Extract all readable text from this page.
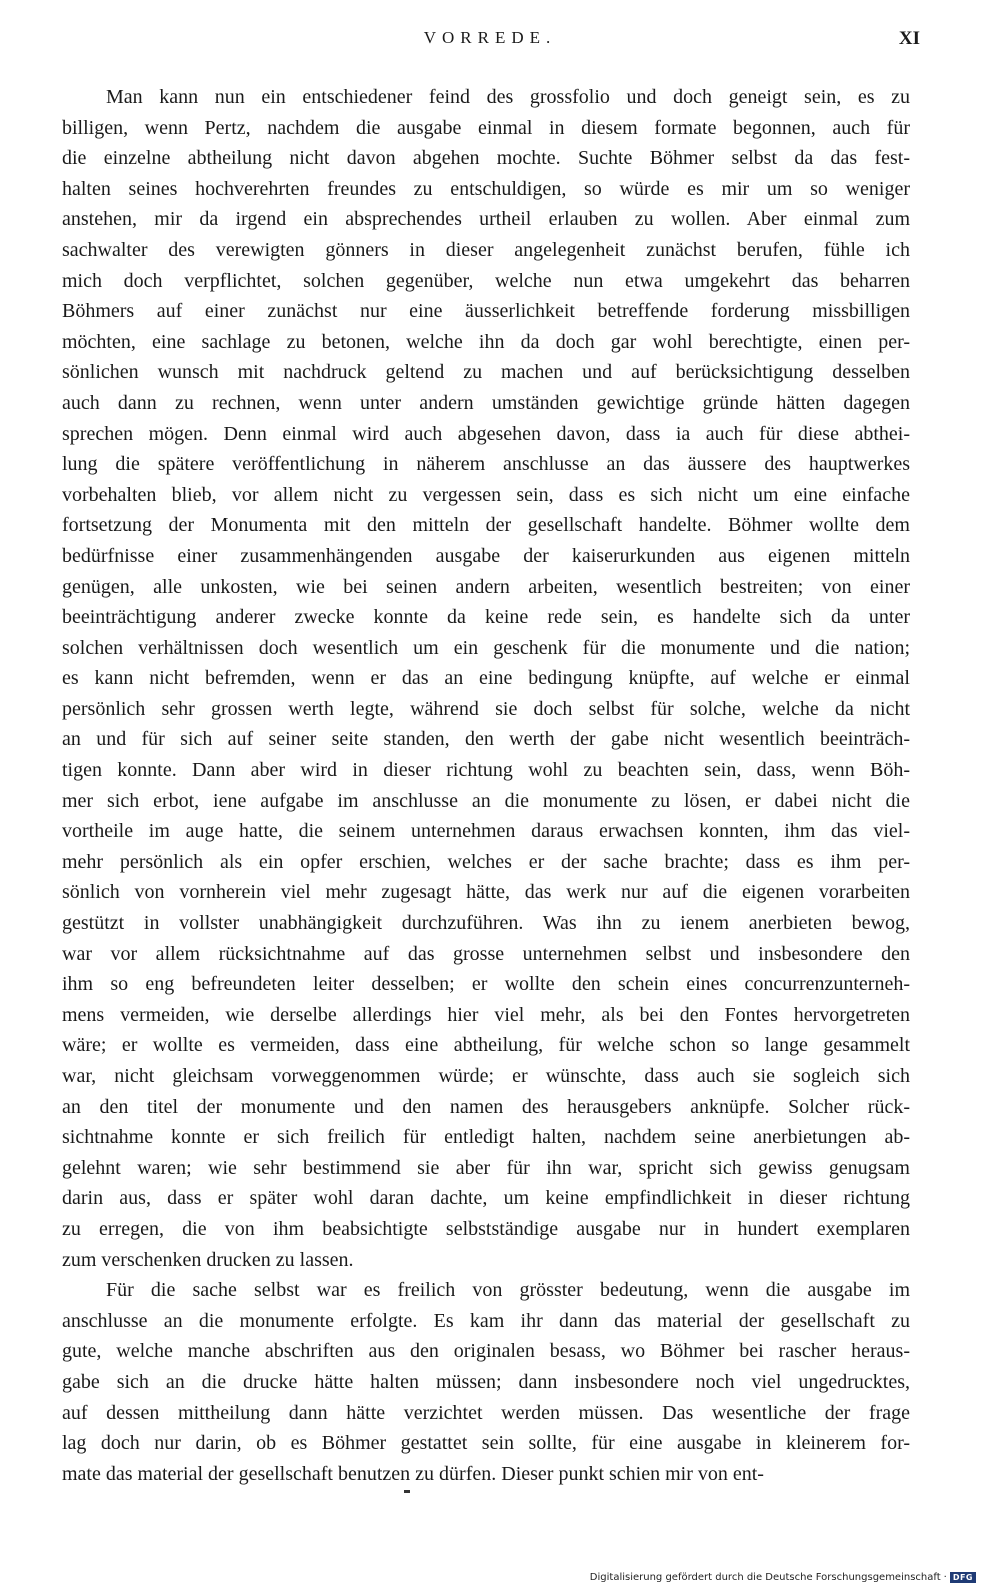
VORREDE.	XI
Man kann nun ein entschiedener feind des grossfolio und doch geneigt sein, es zu
billigen, wenn Pertz, nachdem die ausgabe einmal in diesem formate begonnen, auch für
die einzelne abtheilung nicht davon abgehen mochte. Suchte Böhmer selbst da das fest-
halten seines hochverehrten freundes zu entschuldigen, so würde es mir um so weniger
anstehen, mir da irgend ein absprechendes urtheil erlauben zu wollen. Aber einmal zum
sachwalter des verewigten gönners in dieser angelegenheit zunächst berufen, fühle ich
mich doch verpflichtet, solchen gegenüber, welche nun etwa umgekehrt das beharren
Böhmers auf einer zunächst nur eine äusserlichkeit betreffende forderung missbilligen
möchten, eine sachlage zu betonen, welche ihn da doch gar wohl berechtigte, einen per-
sönlichen wunsch mit nachdruck geltend zu machen und auf berücksichtigung desselben
auch dann zu rechnen, wenn unter andern umständen gewichtige gründe hätten dagegen
sprechen mögen. Denn einmal wird auch abgesehen davon, dass ia auch für diese abthei-
lung die spätere veröffentlichung in näherem anschlusse an das äussere des hauptwerkes
vorbehalten blieb, vor allem nicht zu vergessen sein, dass es sich nicht um eine einfache
fortsetzung der Monumenta mit den mitteln der gesellschaft handelte. Böhmer wollte dem
bedürfnisse einer zusammenhängenden ausgabe der kaiserurkunden aus eigenen mitteln
genügen, alle unkosten, wie bei seinen andern arbeiten, wesentlich bestreiten; von einer
beeinträchtigung anderer zwecke konnte da keine rede sein, es handelte sich da unter
solchen verhältnissen doch wesentlich um ein geschenk für die monumente und die nation;
es kann nicht befremden, wenn er das an eine bedingung knüpfte, auf welche er einmal
persönlich sehr grossen werth legte, während sie doch selbst für solche, welche da nicht
an und für sich auf seiner seite standen, den werth der gabe nicht wesentlich beeinträch-
tigen konnte. Dann aber wird in dieser richtung wohl zu beachten sein, dass, wenn Böh-
mer sich erbot, iene aufgabe im anschlusse an die monumente zu lösen, er dabei nicht die
vortheile im auge hatte, die seinem unternehmen daraus erwachsen konnten, ihm das viel-
mehr persönlich als ein opfer erschien, welches er der sache brachte; dass es ihm per-
sönlich von vornherein viel mehr zugesagt hätte, das werk nur auf die eigenen vorarbeiten
gestützt in vollster unabhängigkeit durchzuführen. Was ihn zu ienem anerbieten bewog,
war vor allem rücksichtnahme auf das grosse unternehmen selbst und insbesondere den
ihm so eng befreundeten leiter desselben; er wollte den schein eines concurrenzunterneh-
mens vermeiden, wie derselbe allerdings hier viel mehr, als bei den Fontes hervorgetreten
wäre; er wollte es vermeiden, dass eine abtheilung, für welche schon so lange gesammelt
war, nicht gleichsam vorweggenommen würde; er wünschte, dass auch sie sogleich sich
an den titel der monumente und den namen des herausgebers anknüpfe. Solcher rück-
sichtnahme konnte er sich freilich für entledigt halten, nachdem seine anerbietungen ab-
gelehnt waren; wie sehr bestimmend sie aber für ihn war, spricht sich gewiss genugsam
darin aus, dass er später wohl daran dachte, um keine empfindlichkeit in dieser richtung
zu erregen, die von ihm beabsichtigte selbstständige ausgabe nur in hundert exemplaren
zum verschenken drucken zu lassen.
Für die sache selbst war es freilich von grösster bedeutung, wenn die ausgabe im
anschlusse an die monumente erfolgte. Es kam ihr dann das material der gesellschaft zu
gute, welche manche abschriften aus den originalen besass, wo Böhmer bei rascher heraus-
gabe sich an die drucke hätte halten müssen; dann insbesondere noch viel ungedrucktes,
auf dessen mittheilung dann hätte verzichtet werden müssen. Das wesentliche der frage
lag doch nur darin, ob es Böhmer gestattet sein sollte, für eine ausgabe in kleinerem for-
mate das material der gesellschaft benutzen zu dürfen. Dieser punkt schien mir von ent-
Digitalisierung gefördert durch die Deutsche Forschungsgemeinschaft · DFG
